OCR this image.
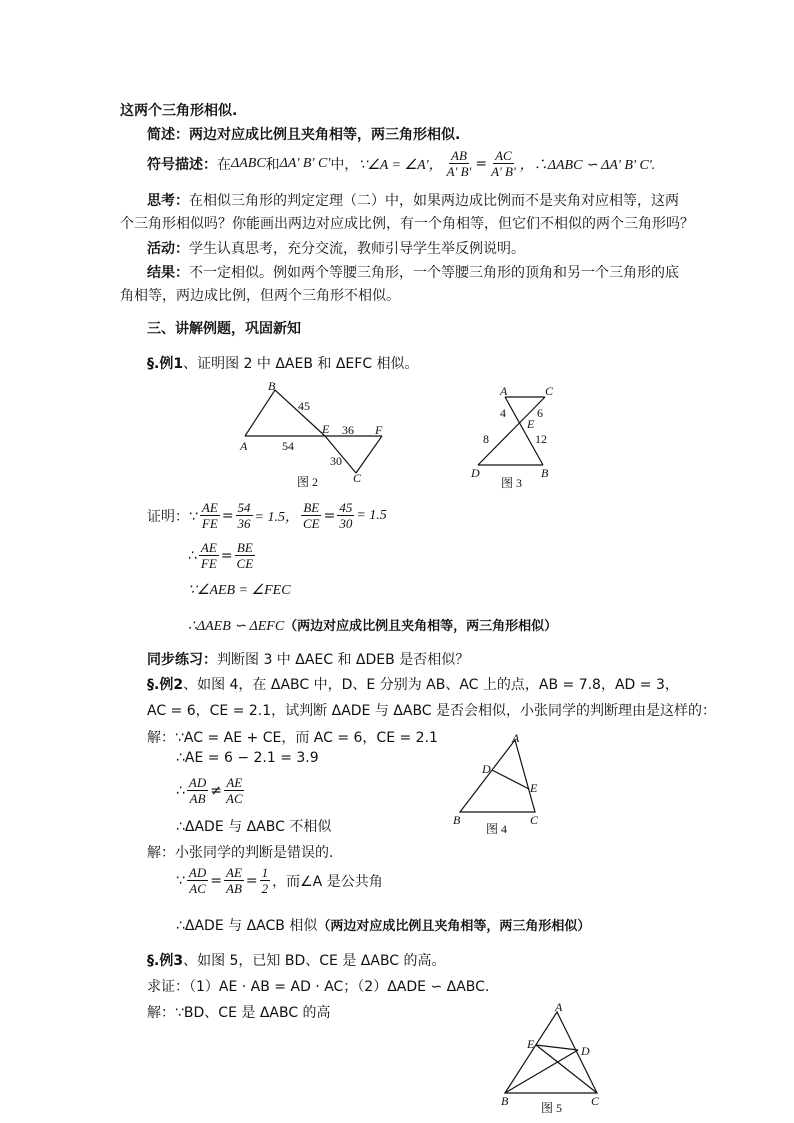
这两个三角形相似.
简述：两边对应成比例且夹角相等，两三角形相似.
符号描述： 在 ΔABC 和 ΔA' B' C' 中， ∵∠A = ∠A'， $\frac{AB}{A' B'} = \frac{AC}{A' B'}$ ，∴ΔABC ∽ ΔA' B' C'.
思考：在相似三角形的判定定理（二）中，如果两边成比例而不是夹角对应相等，这两
个三角形相似吗？你能画出两边对应成比例，有一个角相等，但它们不相似的两个三角形吗？
活动：学生认真思考，充分交流，教师引导学生举反例说明。
结果：不一定相似。例如两个等腰三角形，一个等腰三角形的顶角和另一个三角形的底
角相等，两边成比例，但两个三角形不相似。
三、讲解例题，巩固新知
§.例1、证明图 2 中 ΔAEB 和 ΔEFC 相似。
B
A
E	F
C
45
54
36
30
图 2
A	C
E
D	B
4	6
8	12
图 3
证明：∵ $\frac{AE}{FE} = \frac{54}{36} = 1.5$， $\frac{BE}{CE} = \frac{45}{30} = 1.5$
∴ $\frac{AE}{FE} = \frac{BE}{CE}$
∵∠AEB = ∠FEC
∴ΔAEB ∽ ΔEFC（两边对应成比例且夹角相等，两三角形相似）
同步练习：判断图 3 中 ΔAEC 和 ΔDEB 是否相似？
§.例2、如图 4，在 ΔABC 中，D、E 分别为 AB、AC 上的点，AB = 7.8，AD = 3，
AC = 6，CE = 2.1，试判断 ΔADE 与 ΔABC 是否会相似，小张同学的判断理由是这样的：
解：∵AC = AE + CE，而 AC = 6，CE = 2.1
∴AE = 6 − 2.1 = 3.9
∴ $\frac{AD}{AB} \ne \frac{AE}{AC}$
∴ΔADE 与 ΔABC 不相似
解：小张同学的判断是错误的.
∵ $\frac{AD}{AC} = \frac{AE}{AB} = \frac{1}{2}$ ，而∠A 是公共角
∴ΔADE 与 ΔACB 相似（两边对应成比例且夹角相等，两三角形相似）
A
D
E
B	C
图 4
§.例3、如图 5，已知 BD、CE 是 ΔABC 的高。
求证：（1）AE · AB = AD · AC；（2）ΔADE ∽ ΔABC.
解：∵BD、CE 是 ΔABC 的高	A
E	D
B	C
图 5
